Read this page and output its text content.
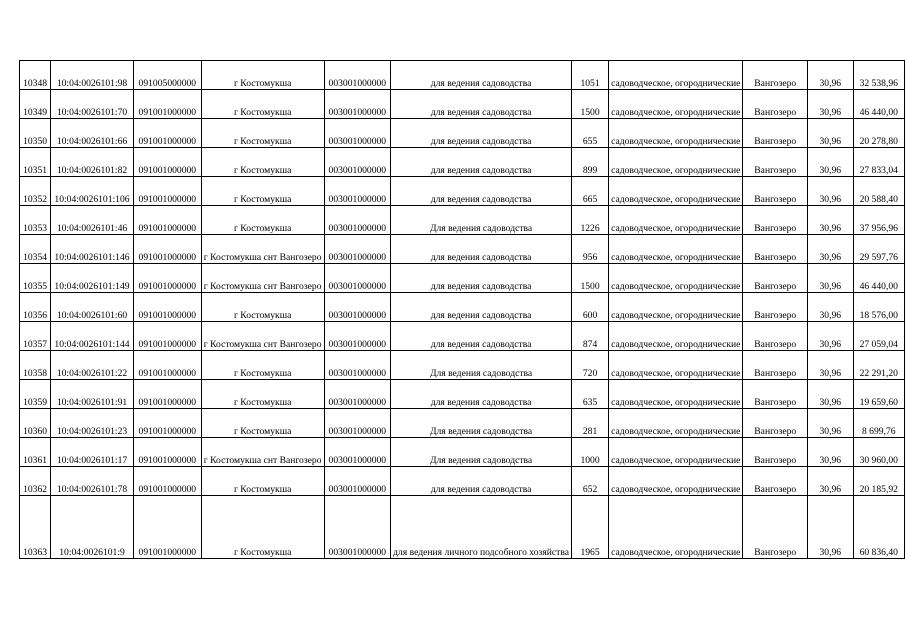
10348	10:04:0026101:98	091005000000	г Костомукша	003001000000	для ведения садоводства	1051	садоводческое, огороднические	Вангозеро	30,96	32 538,96
10349	10:04:0026101:70	091001000000	г Костомукша	003001000000	для ведения садоводства	1500	садоводческое, огороднические	Вангозеро	30,96	46 440,00
10350	10:04:0026101:66	091001000000	г Костомукша	003001000000	для ведения садоводства	655	садоводческое, огороднические	Вангозеро	30,96	20 278,80
10351	10:04:0026101:82	091001000000	г Костомукша	003001000000	для ведения садоводства	899	садоводческое, огороднические	Вангозеро	30,96	27 833,04
10352	10:04:0026101:106	091001000000	г Костомукша	003001000000	для ведения садоводства	665	садоводческое, огороднические	Вангозеро	30,96	20 588,40
10353	10:04:0026101:46	091001000000	г Костомукша	003001000000	Для ведения садоводства	1226	садоводческое, огороднические	Вангозеро	30,96	37 956,96
10354	10:04:0026101:146	091001000000	г Костомукша снт Вангозеро	003001000000	для ведения садоводства	956	садоводческое, огороднические	Вангозеро	30,96	29 597,76
10355	10:04:0026101:149	091001000000	г Костомукша снт Вангозеро	003001000000	для ведения садоводства	1500	садоводческое, огороднические	Вангозеро	30,96	46 440,00
10356	10:04:0026101:60	091001000000	г Костомукша	003001000000	для ведения садоводства	600	садоводческое, огороднические	Вангозеро	30,96	18 576,00
10357	10:04:0026101:144	091001000000	г Костомукша снт Вангозеро	003001000000	для ведения садоводства	874	садоводческое, огороднические	Вангозеро	30,96	27 059,04
10358	10:04:0026101:22	091001000000	г Костомукша	003001000000	Для ведения садоводства	720	садоводческое, огороднические	Вангозеро	30,96	22 291,20
10359	10:04:0026101:91	091001000000	г Костомукша	003001000000	для ведения садоводства	635	садоводческое, огороднические	Вангозеро	30,96	19 659,60
10360	10:04:0026101:23	091001000000	г Костомукша	003001000000	Для ведения садоводства	281	садоводческое, огороднические	Вангозеро	30,96	8 699,76
10361	10:04:0026101:17	091001000000	г Костомукша снт Вангозеро	003001000000	Для ведения садоводства	1000	садоводческое, огороднические	Вангозеро	30,96	30 960,00
10362	10:04:0026101:78	091001000000	г Костомукша	003001000000	для ведения садоводства	652	садоводческое, огороднические	Вангозеро	30,96	20 185,92
10363	10:04:0026101:9	091001000000	г Костомукша	003001000000	для ведения личного подсобного хозяйства	1965	садоводческое, огороднические	Вангозеро	30,96	60 836,40
